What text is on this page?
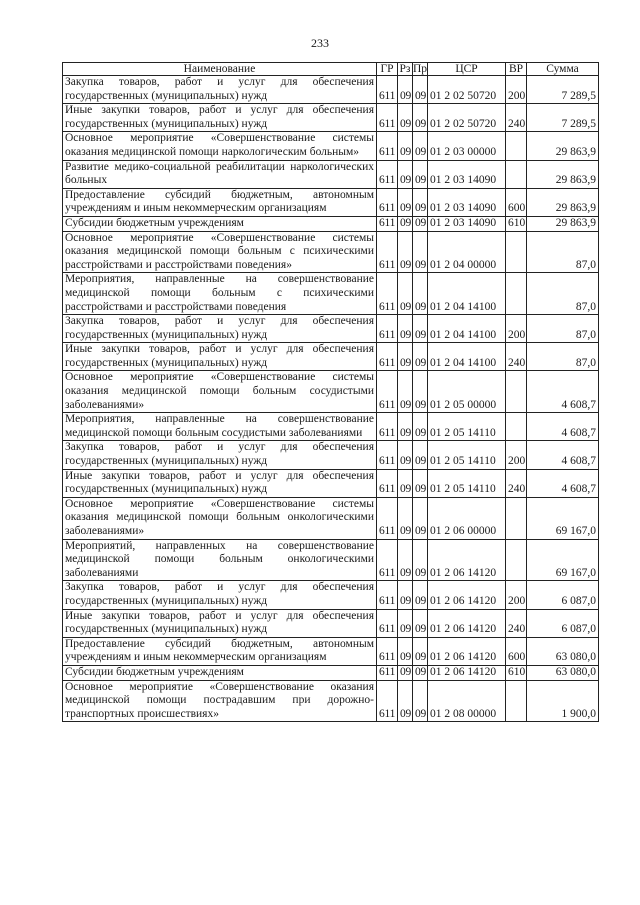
233
Наименование	ГР	Рз	Пр	ЦСР	ВР	Сумма
Закупка товаров, работ и услуг для обеспечения государственных (муниципальных) нужд	611	09	09	01 2 02 50720	200	7 289,5
Иные закупки товаров, работ и услуг для обеспечения государственных (муниципальных) нужд	611	09	09	01 2 02 50720	240	7 289,5
Основное мероприятие «Совершенствование системы оказания медицинской помощи наркологическим больным»	611	09	09	01 2 03 00000		29 863,9
Развитие медико-социальной реабилитации наркологических больных	611	09	09	01 2 03 14090		29 863,9
Предоставление субсидий бюджетным, автономным учреждениям и иным некоммерческим организациям	611	09	09	01 2 03 14090	600	29 863,9
Субсидии бюджетным учреждениям	611	09	09	01 2 03 14090	610	29 863,9
Основное мероприятие «Совершенствование системы оказания медицинской помощи больным с психическими расстройствами и расстройствами поведения»	611	09	09	01 2 04 00000		87,0
Мероприятия, направленные на совершенствование медицинской помощи больным с психическими расстройствами и расстройствами поведения	611	09	09	01 2 04 14100		87,0
Закупка товаров, работ и услуг для обеспечения государственных (муниципальных) нужд	611	09	09	01 2 04 14100	200	87,0
Иные закупки товаров, работ и услуг для обеспечения государственных (муниципальных) нужд	611	09	09	01 2 04 14100	240	87,0
Основное мероприятие «Совершенствование системы оказания медицинской помощи больным сосудистыми заболеваниями»	611	09	09	01 2 05 00000		4 608,7
Мероприятия, направленные на совершенствование медицинской помощи больным сосудистыми заболеваниями	611	09	09	01 2 05 14110		4 608,7
Закупка товаров, работ и услуг для обеспечения государственных (муниципальных) нужд	611	09	09	01 2 05 14110	200	4 608,7
Иные закупки товаров, работ и услуг для обеспечения государственных (муниципальных) нужд	611	09	09	01 2 05 14110	240	4 608,7
Основное мероприятие «Совершенствование системы оказания медицинской помощи больным онкологическими заболеваниями»	611	09	09	01 2 06 00000		69 167,0
Мероприятий, направленных на совершенствование медицинской помощи больным онкологическими заболеваниями	611	09	09	01 2 06 14120		69 167,0
Закупка товаров, работ и услуг для обеспечения государственных (муниципальных) нужд	611	09	09	01 2 06 14120	200	6 087,0
Иные закупки товаров, работ и услуг для обеспечения государственных (муниципальных) нужд	611	09	09	01 2 06 14120	240	6 087,0
Предоставление субсидий бюджетным, автономным учреждениям и иным некоммерческим организациям	611	09	09	01 2 06 14120	600	63 080,0
Субсидии бюджетным учреждениям	611	09	09	01 2 06 14120	610	63 080,0
Основное мероприятие «Совершенствование оказания медицинской помощи пострадавшим при дорожно-транспортных происшествиях»	611	09	09	01 2 08 00000		1 900,0
